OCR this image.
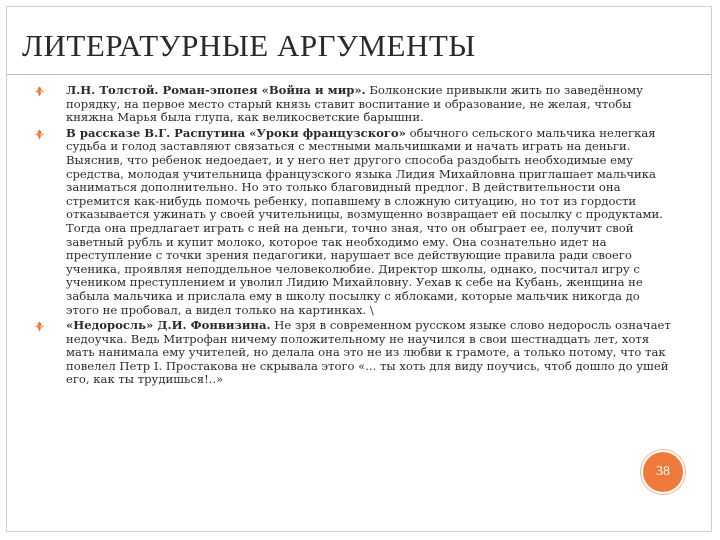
ЛИТЕРАТУРНЫЕ АРГУМЕНТЫ
Л.Н. Толстой. Роман-эпопея «Война и мир». Болконские привыкли жить по заведённому порядку, на первое место старый князь ставит воспитание и образование, не желая, чтобы княжна Марья была глупа, как великосветские барышни.
В рассказе В.Г. Распутина «Уроки французского» обычного сельского мальчика нелегкая судьба и голод заставляют связаться с местными мальчишками и начать играть на деньги. Выяснив, что ребенок недоедает, и у него нет другого способа раздобыть необходимые ему средства, молодая учительница французского языка Лидия Михайловна приглашает мальчика заниматься дополнительно. Но это только благовидный предлог. В действительности она стремится как-нибудь помочь ребенку, попавшему в сложную ситуацию, но тот из гордости отказывается ужинать у своей учительницы, возмущенно возвращает ей посылку с продуктами. Тогда она предлагает играть с ней на деньги, точно зная, что он обыграет ее, получит свой заветный рубль и купит молоко, которое так необходимо ему. Она сознательно идет на преступление с точки зрения педагогики, нарушает все действующие правила ради своего ученика, проявляя неподдельное человеколюбие. Директор школы, однако, посчитал игру с учеником преступлением и уволил Лидию Михайловну. Уехав к себе на Кубань, женщина не забыла мальчика и прислала ему в школу посылку с яблоками, которые мальчик никогда до этого не пробовал, а видел только на картинках. \
«Недоросль» Д.И. Фонвизина. Не зря в современном русском языке слово недоросль означает недоучка. Ведь Митрофан ничему положительному не научился в свои шестнадцать лет, хотя мать нанимала ему учителей, но делала она это не из любви к грамоте, а только потому, что так повелел Петр I. Простакова не скрывала этого «... ты хоть для виду поучись, чтоб дошло до ушей его, как ты трудишься!..»
38
